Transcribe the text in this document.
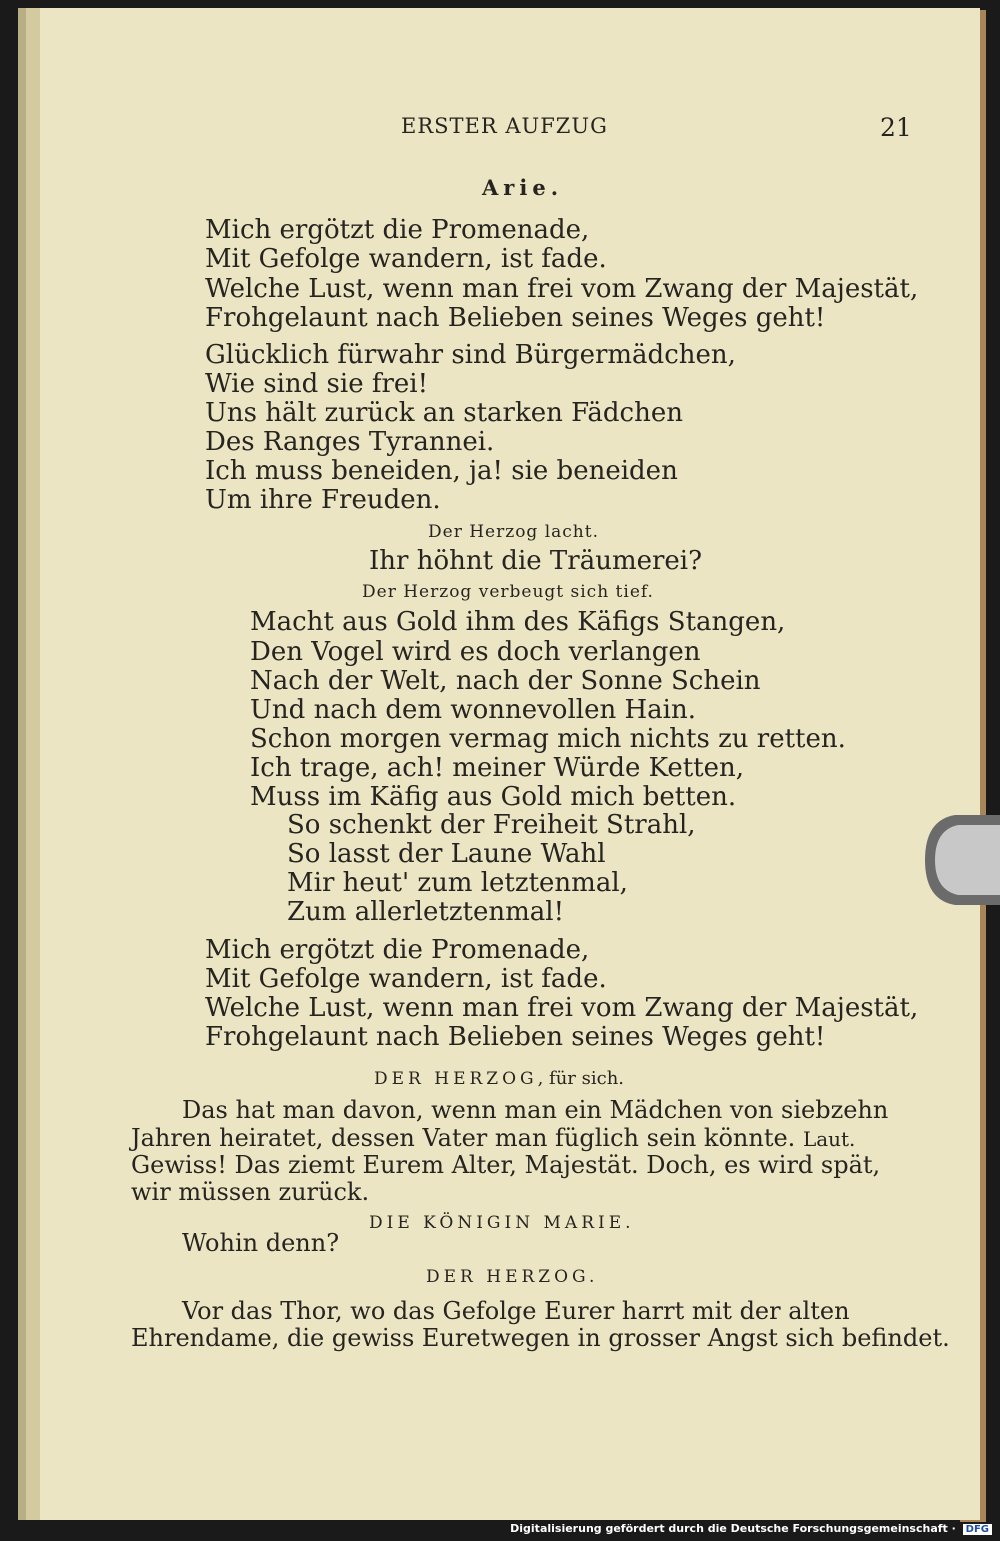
ERSTER AUFZUG	21
Arie.
Mich ergötzt die Promenade,
Mit Gefolge wandern, ist fade.
Welche Lust, wenn man frei vom Zwang der Majestät,
Frohgelaunt nach Belieben seines Weges geht!
Glücklich fürwahr sind Bürgermädchen,
Wie sind sie frei!
Uns hält zurück an starken Fädchen
Des Ranges Tyrannei.
Ich muss beneiden, ja! sie beneiden
Um ihre Freuden.
Der Herzog lacht.
Ihr höhnt die Träumerei?
Der Herzog verbeugt sich tief.
Macht aus Gold ihm des Käfigs Stangen,
Den Vogel wird es doch verlangen
Nach der Welt, nach der Sonne Schein
Und nach dem wonnevollen Hain.
Schon morgen vermag mich nichts zu retten.
Ich trage, ach! meiner Würde Ketten,
Muss im Käfig aus Gold mich betten.
So schenkt der Freiheit Strahl,
So lasst der Laune Wahl
Mir heut' zum letztenmal,
Zum allerletztenmal!
Mich ergötzt die Promenade,
Mit Gefolge wandern, ist fade.
Welche Lust, wenn man frei vom Zwang der Majestät,
Frohgelaunt nach Belieben seines Weges geht!
DER HERZOG, für sich.
Das hat man davon, wenn man ein Mädchen von siebzehn
Jahren heiratet, dessen Vater man füglich sein könnte. Laut.
Gewiss! Das ziemt Eurem Alter, Majestät. Doch, es wird spät,
wir müssen zurück.
DIE KÖNIGIN MARIE.
Wohin denn?
DER HERZOG.
Vor das Thor, wo das Gefolge Eurer harrt mit der alten
Ehrendame, die gewiss Euretwegen in grosser Angst sich befindet.
Digitalisierung gefördert durch die Deutsche Forschungsgemeinschaft · DFG
